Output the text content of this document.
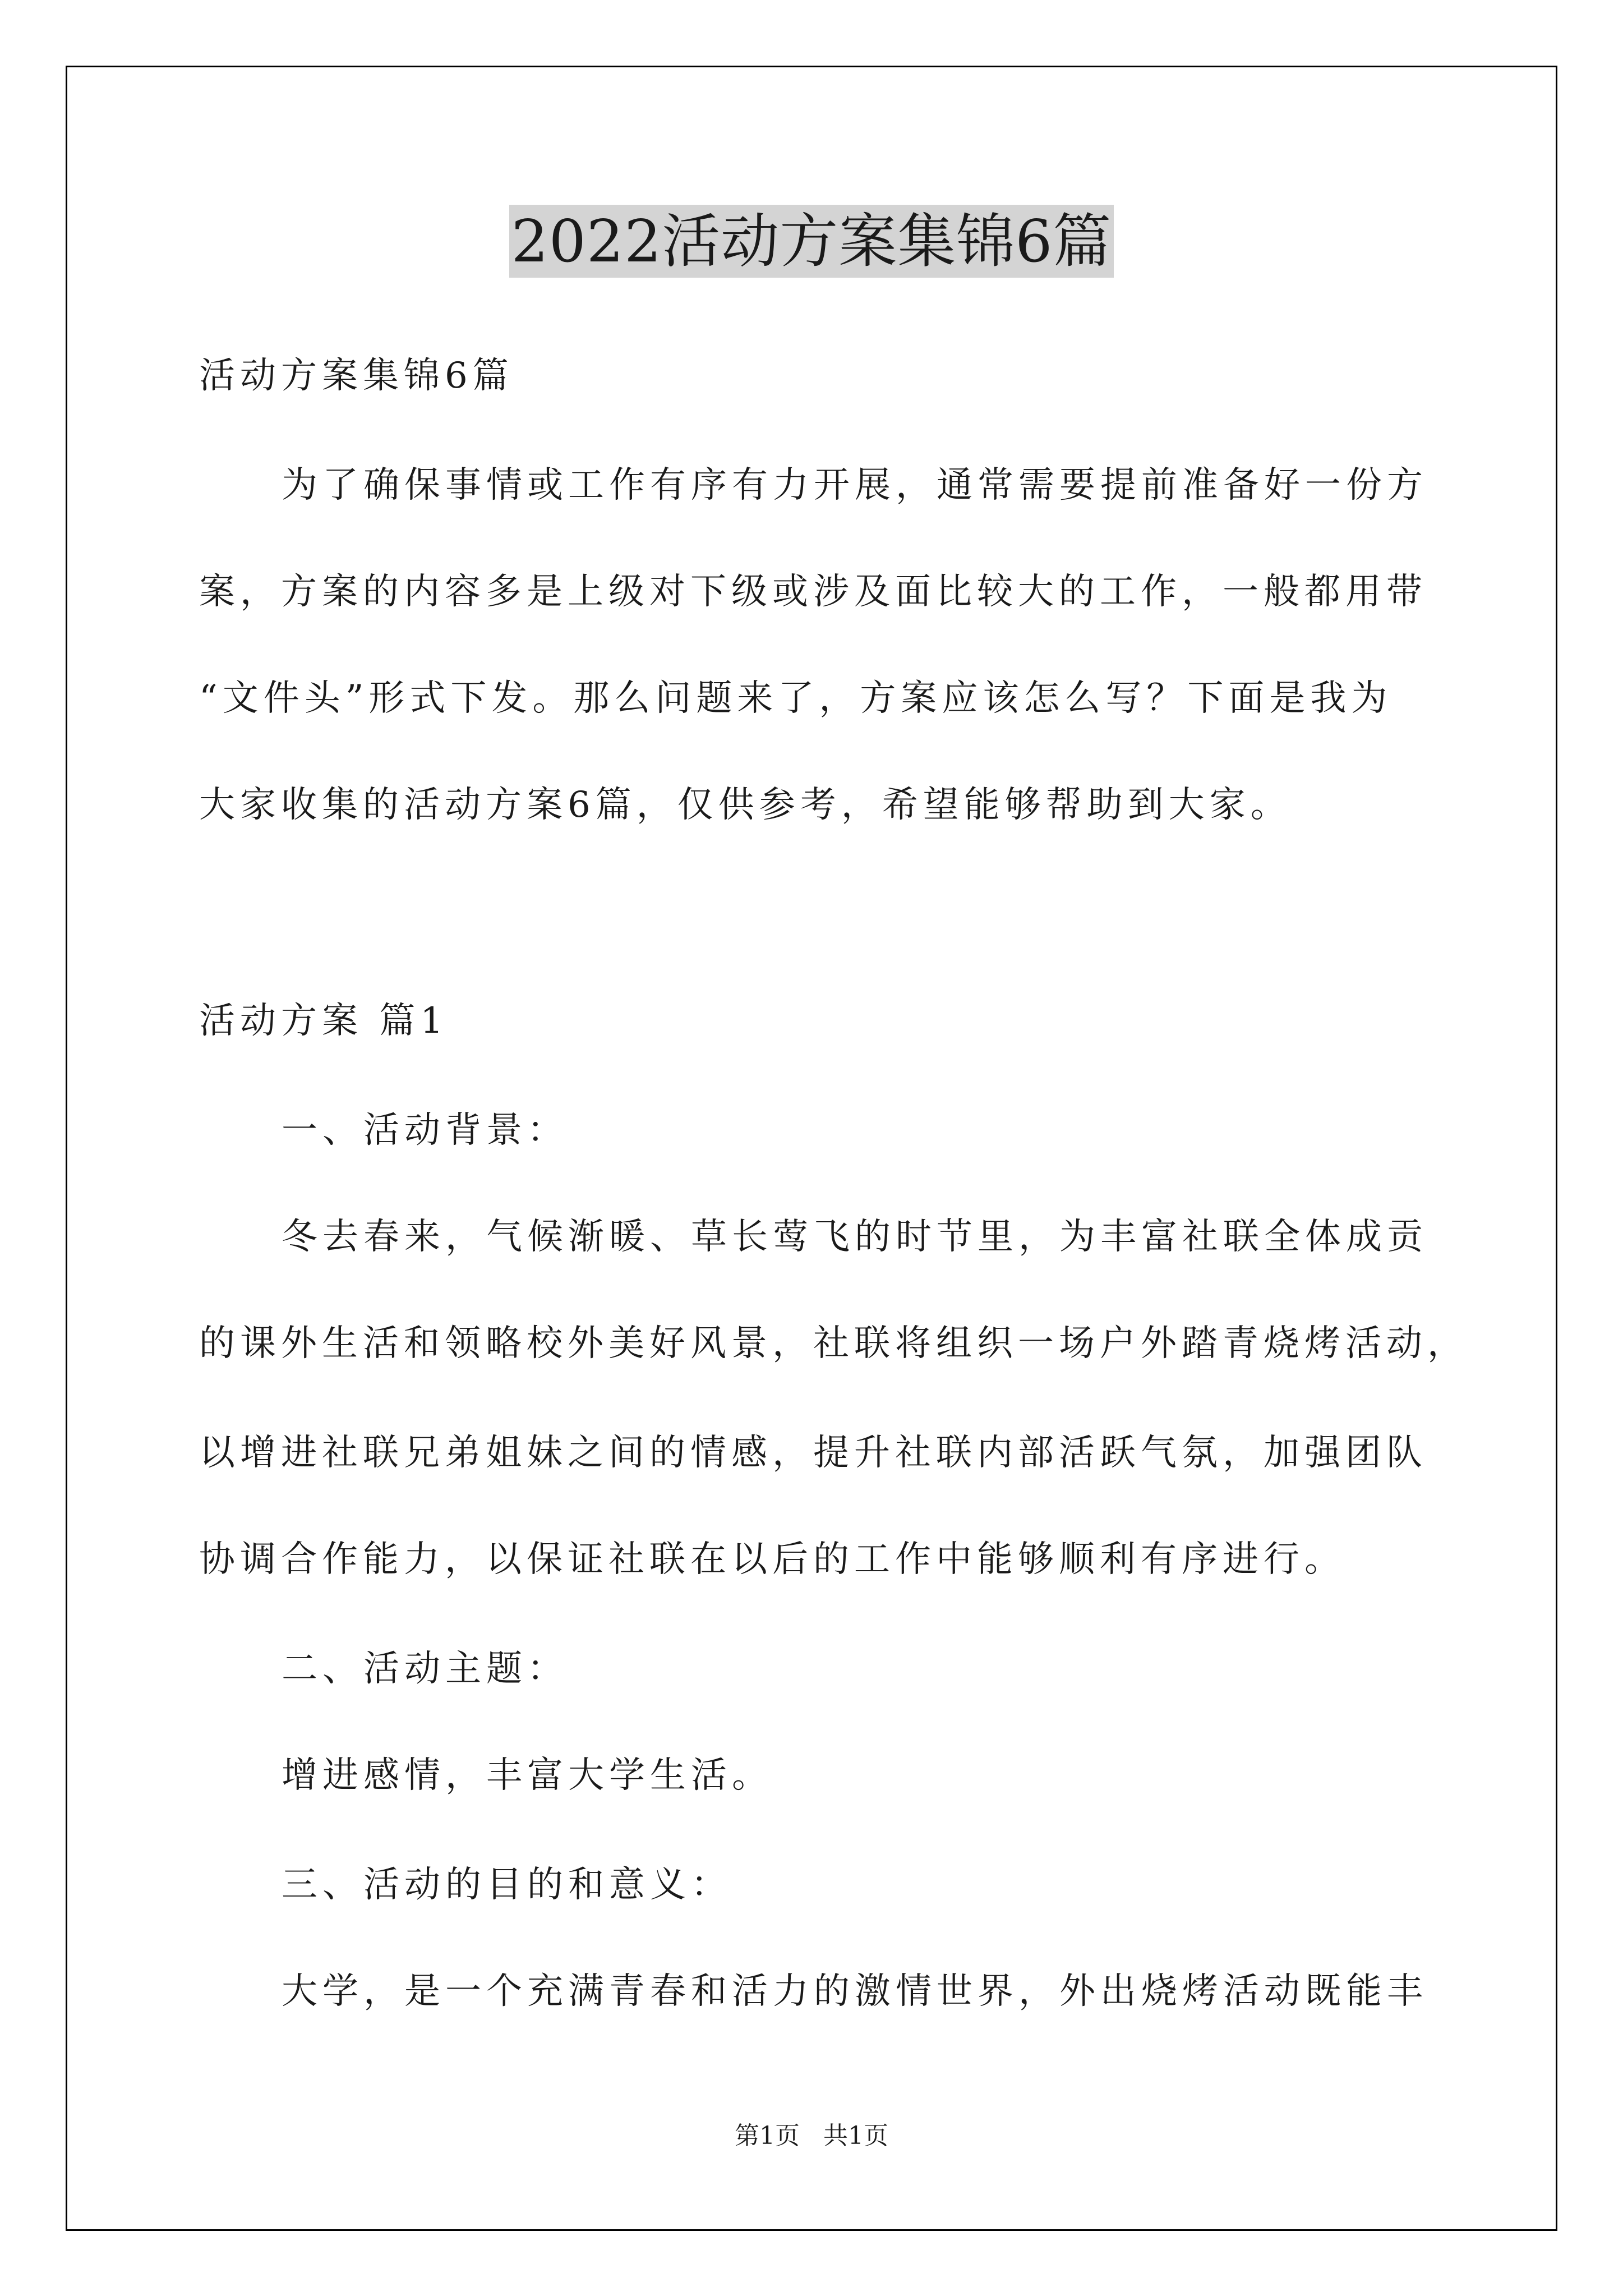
2022活动方案集锦6篇
活动方案集锦6篇
为了确保事情或工作有序有力开展，通常需要提前准备好一份方
案，方案的内容多是上级对下级或涉及面比较大的工作，一般都用带
“文件头”形式下发。那么问题来了，方案应该怎么写？下面是我为
大家收集的活动方案6篇，仅供参考，希望能够帮助到大家。
活动方案 篇1
一、活动背景：
冬去春来，气候渐暖、草长莺飞的时节里，为丰富社联全体成贡
的课外生活和领略校外美好风景，社联将组织一场户外踏青烧烤活动，
以增进社联兄弟姐妹之间的情感，提升社联内部活跃气氛，加强团队
协调合作能力，以保证社联在以后的工作中能够顺利有序进行。
二、活动主题：
增进感情，丰富大学生活。
三、活动的目的和意义：
大学，是一个充满青春和活力的激情世界，外出烧烤活动既能丰
第1页   共1页
